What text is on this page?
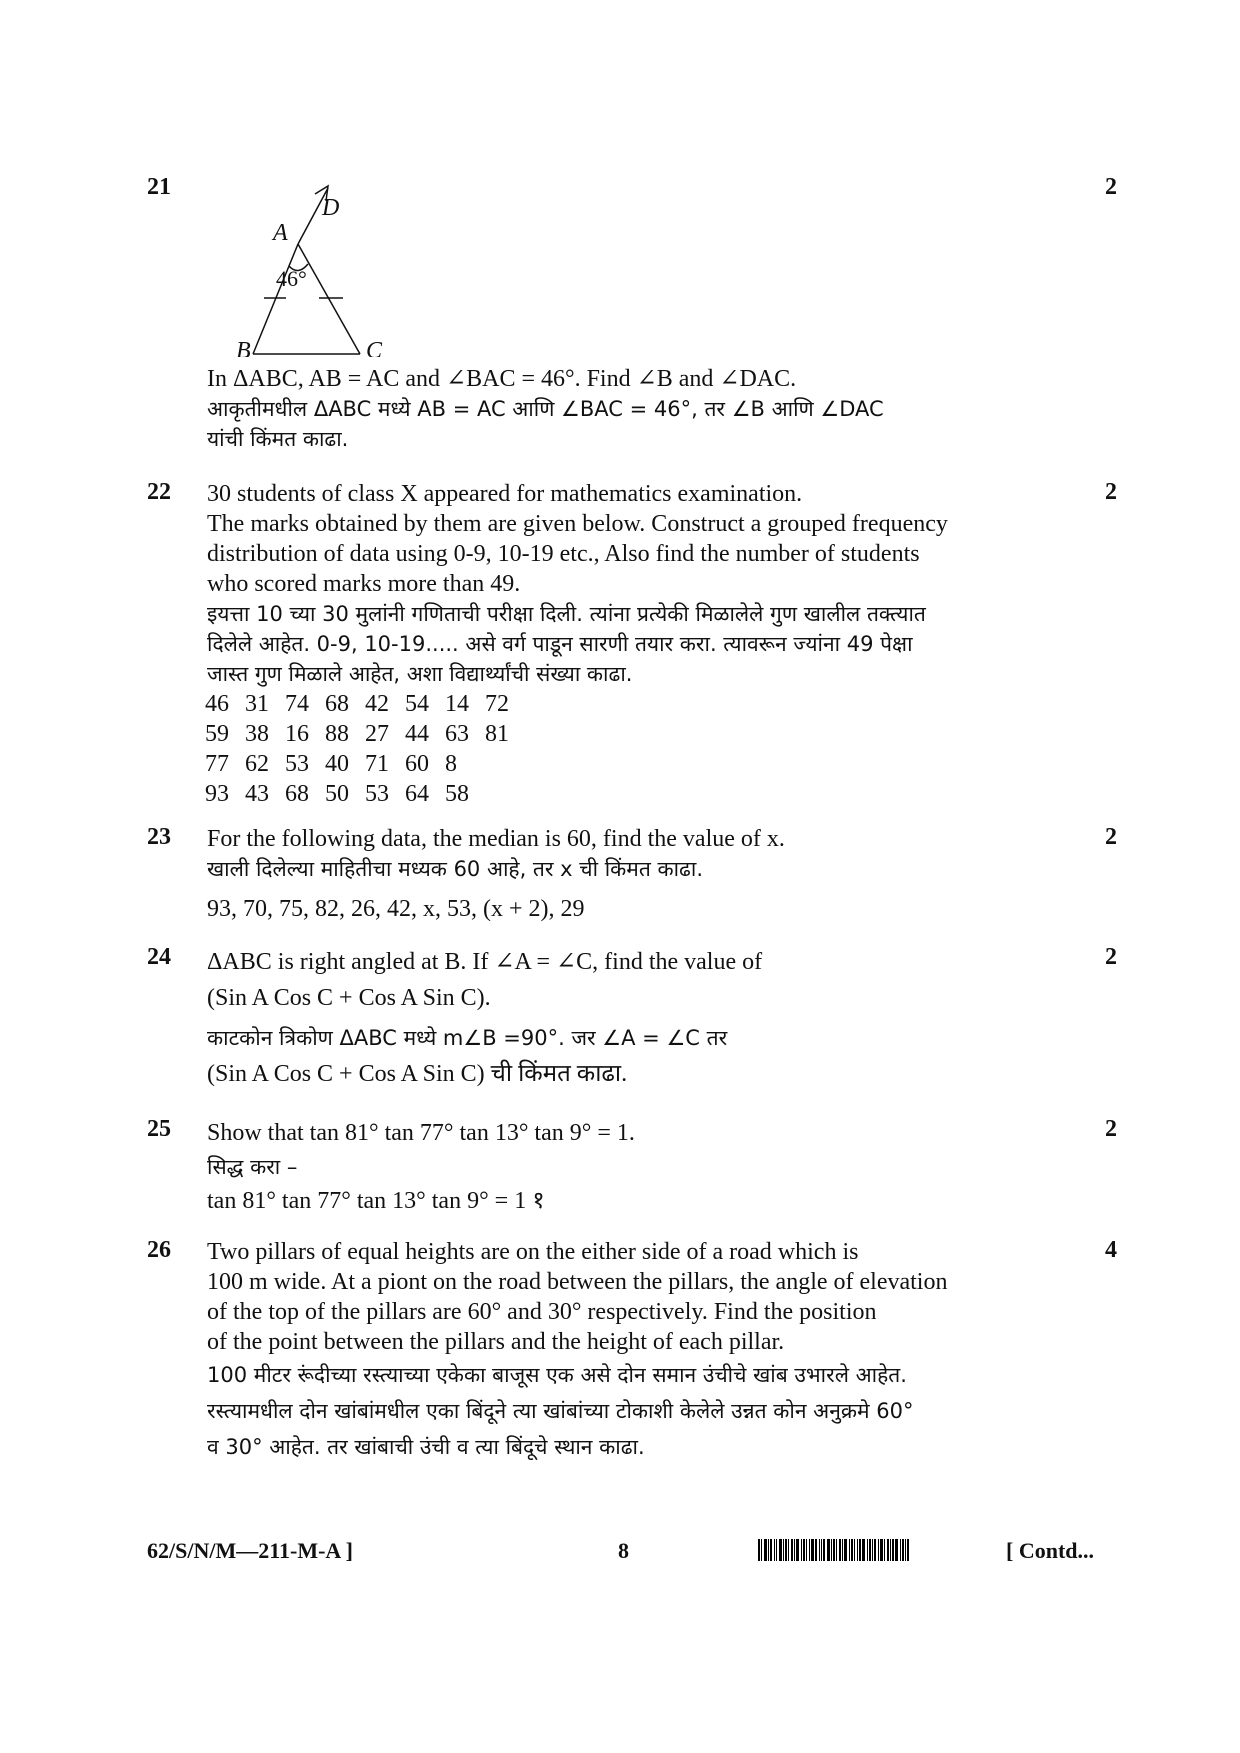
21	2
A
D
B	C
46°
In ΔABC, AB = AC and ∠BAC = 46°. Find ∠B and ∠DAC.
आकृतीमधील ΔABC मध्ये AB = AC आणि ∠BAC = 46°, तर ∠B आणि ∠DAC
यांची किंमत काढा.
22	2
30 students of class X appeared for mathematics examination.
The marks obtained by them are given below. Construct a grouped frequency
distribution of data using 0-9, 10-19 etc., Also find the number of students
who scored marks more than 49.
इयत्ता 10 च्या 30 मुलांनी गणिताची परीक्षा दिली. त्यांना प्रत्येकी मिळालेले गुण खालील तक्त्यात
दिलेले आहेत. 0-9, 10-19..... असे वर्ग पाडून सारणी तयार करा. त्यावरून ज्यांना 49 पेक्षा
जास्त गुण मिळाले आहेत, अशा विद्यार्थ्यांची संख्या काढा.
46	31	74	68	42	54	14	72
59	38	16	88	27	44	63	81
77	62	53	40	71	60	8	
93	43	68	50	53	64	58	
23	2
For the following data, the median is 60, find the value of x.
खाली दिलेल्या माहितीचा मध्यक 60 आहे, तर x ची किंमत काढा.
93, 70, 75, 82, 26, 42, x, 53, (x + 2), 29
24	2
ΔABC is right angled at B. If ∠A = ∠C, find the value of
(Sin A Cos C + Cos A Sin C).
काटकोन त्रिकोण ΔABC मध्ये m∠B =90°. जर ∠A = ∠C तर
(Sin A Cos C + Cos A Sin C) ची किंमत काढा.
25	2
Show that tan 81° tan 77° tan 13° tan 9° = 1.
सिद्ध करा –
tan 81° tan 77° tan 13° tan 9° = 1 १
26	4
Two pillars of equal heights are on the either side of a road which is
100 m wide. At a piont on the road between the pillars, the angle of elevation
of the top of the pillars are 60° and 30° respectively. Find the position
of the point between the pillars and the height of each pillar.
100 मीटर रूंदीच्या रस्त्याच्या एकेका बाजूस एक असे दोन समान उंचीचे खांब उभारले आहेत.
रस्त्यामधील दोन खांबांमधील एका बिंदूने त्या खांबांच्या टोकाशी केलेले उन्नत कोन अनुक्रमे 60°
व 30° आहेत. तर खांबाची उंची व त्या बिंदूचे स्थान काढा.
62/S/N/M—211-M-A ]	8	[ Contd...
